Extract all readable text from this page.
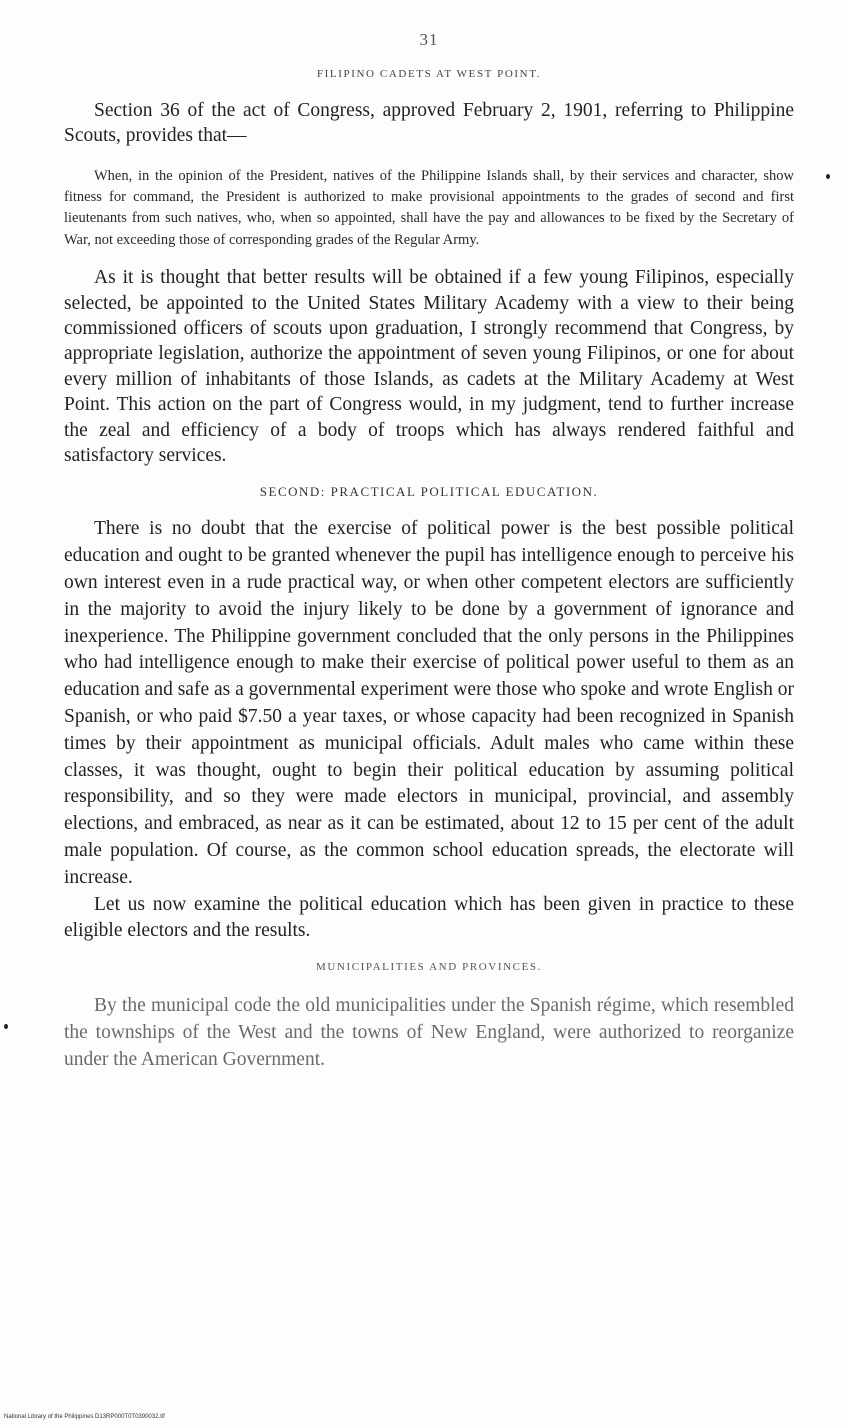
31
FILIPINO CADETS AT WEST POINT.

Section 36 of the act of Congress, approved February 2, 1901, referring to Philippine Scouts, provides that—

When, in the opinion of the President, natives of the Philippine Islands shall, by their services and character, show fitness for command, the President is authorized to make provisional appointments to the grades of second and first lieutenants from such natives, who, when so appointed, shall have the pay and allowances to be fixed by the Secretary of War, not exceeding those of corresponding grades of the Regular Army.

As it is thought that better results will be obtained if a few young Filipinos, especially selected, be appointed to the United States Military Academy with a view to their being commissioned officers of scouts upon graduation, I strongly recommend that Congress, by appropriate legislation, authorize the appointment of seven young Filipinos, or one for about every million of inhabitants of those Islands, as cadets at the Military Academy at West Point. This action on the part of Congress would, in my judgment, tend to further increase the zeal and efficiency of a body of troops which has always rendered faithful and satisfactory services.

SECOND: PRACTICAL POLITICAL EDUCATION.

There is no doubt that the exercise of political power is the best possible political education and ought to be granted whenever the pupil has intelligence enough to perceive his own interest even in a rude practical way, or when other competent electors are sufficiently in the majority to avoid the injury likely to be done by a government of ignorance and inexperience. The Philippine government concluded that the only persons in the Philippines who had intelligence enough to make their exercise of political power useful to them as an education and safe as a governmental experiment were those who spoke and wrote English or Spanish, or who paid $7.50 a year taxes, or whose capacity had been recognized in Spanish times by their appointment as municipal officials. Adult males who came within these classes, it was thought, ought to begin their political education by assuming political responsibility, and so they were made electors in municipal, provincial, and assembly elections, and embraced, as near as it can be estimated, about 12 to 15 per cent of the adult male population. Of course, as the common school education spreads, the electorate will increase.

Let us now examine the political education which has been given in practice to these eligible electors and the results.

MUNICIPALITIES AND PROVINCES.

By the municipal code the old municipalities under the Spanish régime, which resembled the townships of the West and the towns of New England, were authorized to reorganize under the American Government.

National Library of the Philippines D13RP000T0T0390032.tif
